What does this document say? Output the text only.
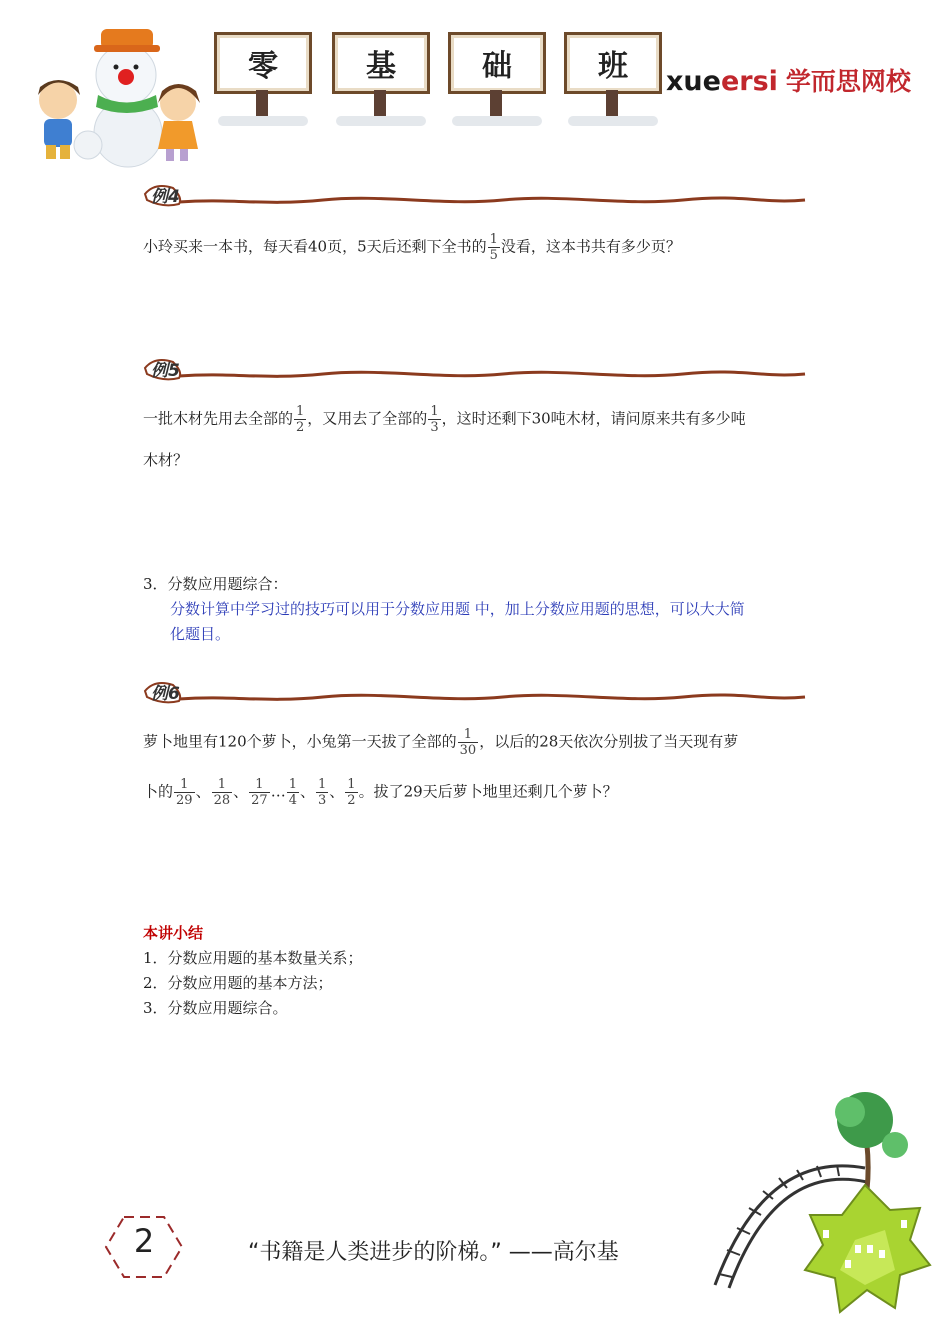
零	基	础	班	xueersi 学而思网校
例4
小玲买来一本书，每天看40页，5天后还剩下全书的 $\frac{1}{5}$ 没看，这本书共有多少页？
例5
一批木材先用去全部的 $\frac{1}{2}$ ，又用去了全部的 $\frac{1}{3}$ ，这时还剩下30吨木材，请问原来共有多少吨
木材？
3．分数应用题综合：
分数计算中学习过的技巧可以用于分数应用题 中，加上分数应用题的思想，可以大大简
化题目。
例6
萝卜地里有120个萝卜，小兔第一天拔了全部的 $\frac{1}{30}$ ，以后的28天依次分别拔了当天现有萝
卜的 $\frac{1}{29}$ 、 $\frac{1}{28}$ 、 $\frac{1}{27}$ … $\frac{1}{4}$ 、 $\frac{1}{3}$ 、 $\frac{1}{2}$ 。拔了29天后萝卜地里还剩几个萝卜？
本讲小结
1．分数应用题的基本数量关系；
2．分数应用题的基本方法；
3．分数应用题综合。
2	“书籍是人类进步的阶梯。” ——高尔基
